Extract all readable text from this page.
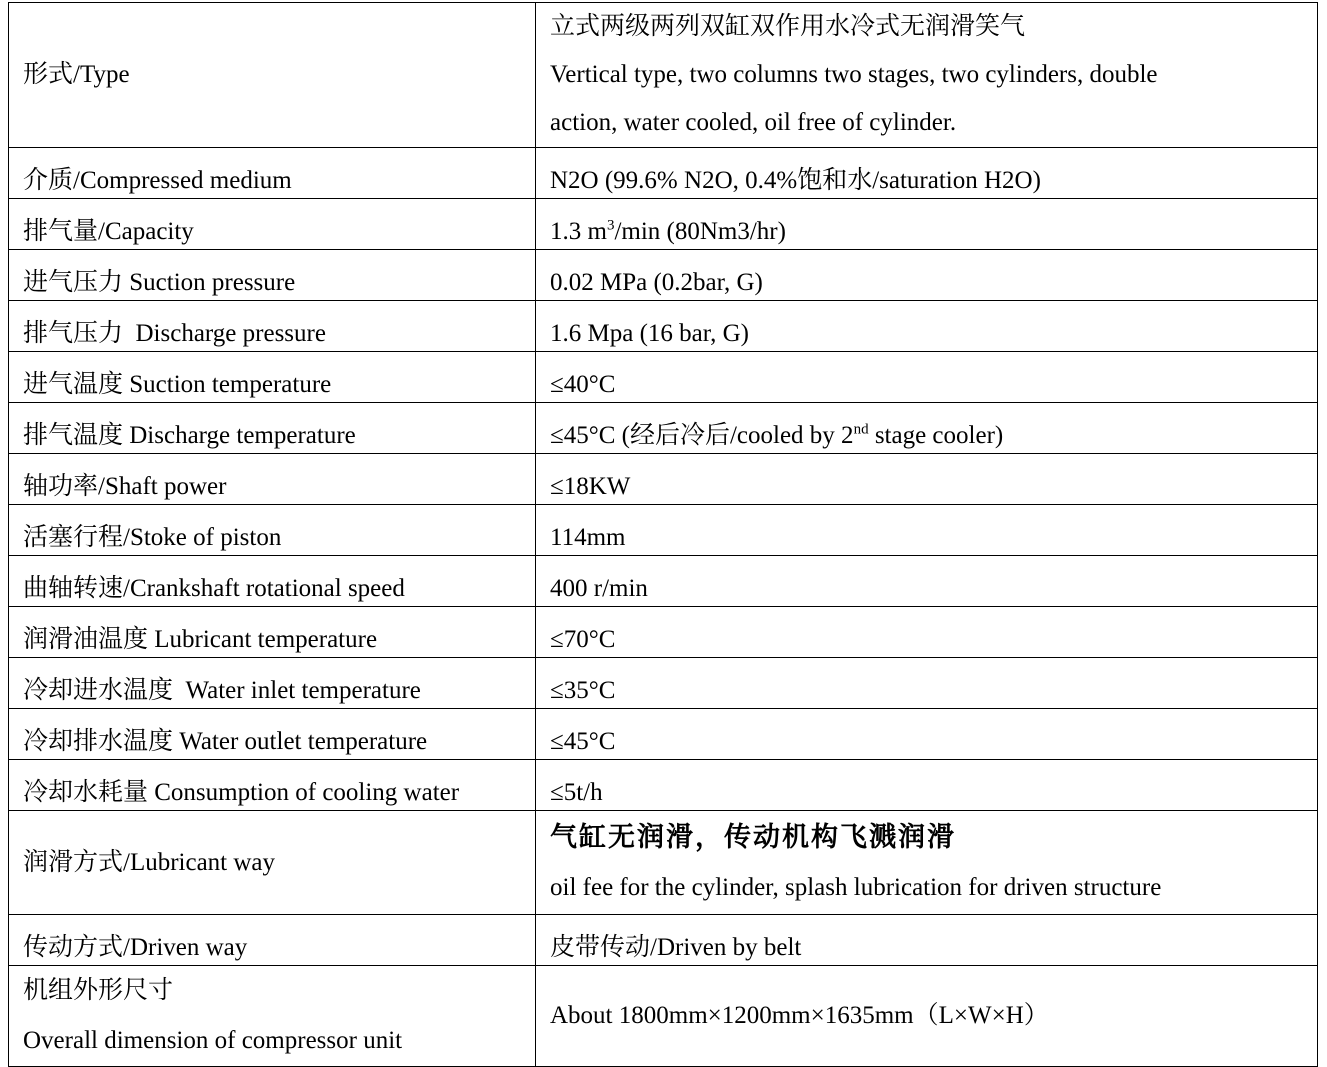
形式/Type	立式两级两列双缸双作用水冷式无润滑笑气
Vertical type, two columns two stages, two cylinders, double
action, water cooled, oil free of cylinder.

介质/Compressed medium	N2O (99.6% N2O, 0.4%饱和水/saturation H2O)
排气量/Capacity	1.3 $m^3/\min$ (80Nm3/hr)
进气压力 Suction pressure	0.02 MPa (0.2bar, G)
排气压力  Discharge pressure	1.6 Mpa (16 bar, G)
进气温度 Suction temperature	≤40°C
排气温度 Discharge temperature	≤45°C (经后冷后/cooled by 2nd stage cooler)
轴功率/Shaft power	≤18KW
活塞行程/Stoke of piston	114mm
曲轴转速/Crankshaft rotational speed	400 r/min
润滑油温度 Lubricant temperature	≤70°C
冷却进水温度  Water inlet temperature	≤35°C
冷却排水温度 Water outlet temperature	≤45°C
冷却水耗量 Consumption of cooling water	≤5t/h
润滑方式/Lubricant way	气缸无润滑，传动机构飞溅润滑
oil fee for the cylinder, splash lubrication for driven structure

传动方式/Driven way	皮带传动/Driven by belt

机组外形尺寸
Overall dimension of compressor unit	About 1800mm×1200mm×1635mm（L×W×H）
